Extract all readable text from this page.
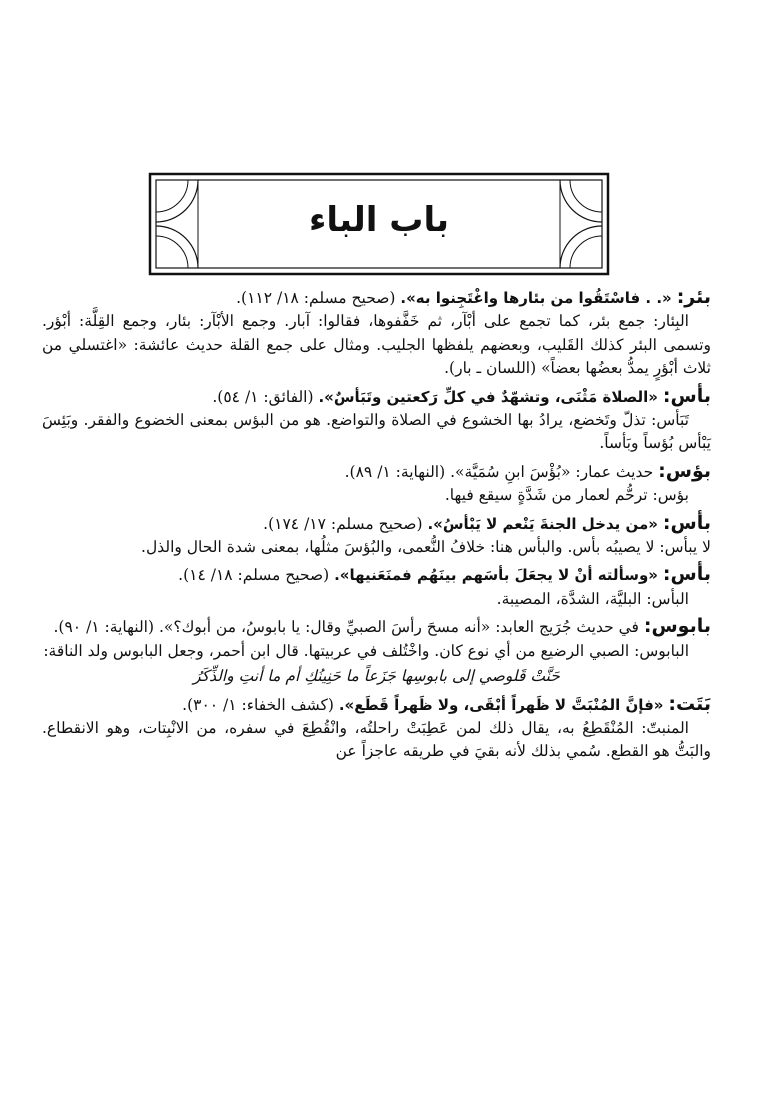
باب الباء

بئر: «. . فاسْتَقُوا من بئارها واغْتَجِنوا به». (صحيح مسلم: ١٨/ ١١٢).

البِئار: جمع بئر، كما تجمع على أبْآر، ثم خَفَّفوها، فقالوا: آبار. وجمع الأبْآر: بئار، وجمع القِلَّة: أبْؤر. وتسمى البئر كذلك القَليب، وبعضهم يلفظها الجليب. ومثال على جمع القلة حديث عائشة: «اغتسلي من ثلاث أبْؤرٍ يمدُّ بعضُها بعضاً» (اللسان ـ بار).

بأس: «الصلاة مَثْنَى، وتشهّدٌ في كلِّ رَكعتين وتَبَأسٌ». (الفائق: ١/ ٥٤).

تَبَأس: تذلّ وتَخضع، يرادُ بها الخشوع في الصلاة والتواضع. هو من البؤس بمعنى الخضوع والفقر. وبَئِسَ يَبْأس بُؤساً وبَأساً.

بؤس: حديث عمار: «بُؤْسَ ابنِ سُمَيَّة». (النهاية: ١/ ٨٩).

بؤس: ترحُّم لعمار من شَدَّةٍ سيقع فيها.

بأس: «من يدخل الجنةَ يَنْعم لا يَبْأسُ». (صحيح مسلم: ١٧/ ١٧٤).

لا يبأس: لا يصيبُه بأس. والبأس هنا: خلافُ النُّعمى، والبُؤسَ مثلُها، بمعنى شدة الحال والذل.

بأس: «وسألته أنْ لا يجعَلَ بأسَهم بينَهُم فمنَعَنيها». (صحيح مسلم: ١٨/ ١٤).

البأس: البليَّة، الشدَّة، المصيبة.

بابوس: في حديث جُرَيج العابد: «أنه مسحَ رأسَ الصبيِّ وقال: يا بابوسُ، من أبوك؟». (النهاية: ١/ ٩٠).

البابوس: الصبي الرضيع من أي نوع كان. واخْتُلف في عربيتها. قال ابن أحمر، وجعل البابوس ولد الناقة:

حَنَّتْ قَلوصي إلى بابوسِها جَزَعاً ما حَنِينُكِ أم ما أنتِ والذِّكَرُ

بَتَت: «فإنَّ المُنْبَتَّ لا ظَهراً أبْقَى، ولا ظَهراً قَطَع». (كشف الخفاء: ١/ ٣٠٠).

المنبتّ: المُنْقَطِعُ به، يقال ذلك لمن عَطِبَتْ راحلتُه، وانْقُطِعَ في سفره، من الانْبِتات، وهو الانقطاع. والبَتُّ هو القطع. سُمي بذلك لأنه بقيَ في طريقه عاجزاً عن
